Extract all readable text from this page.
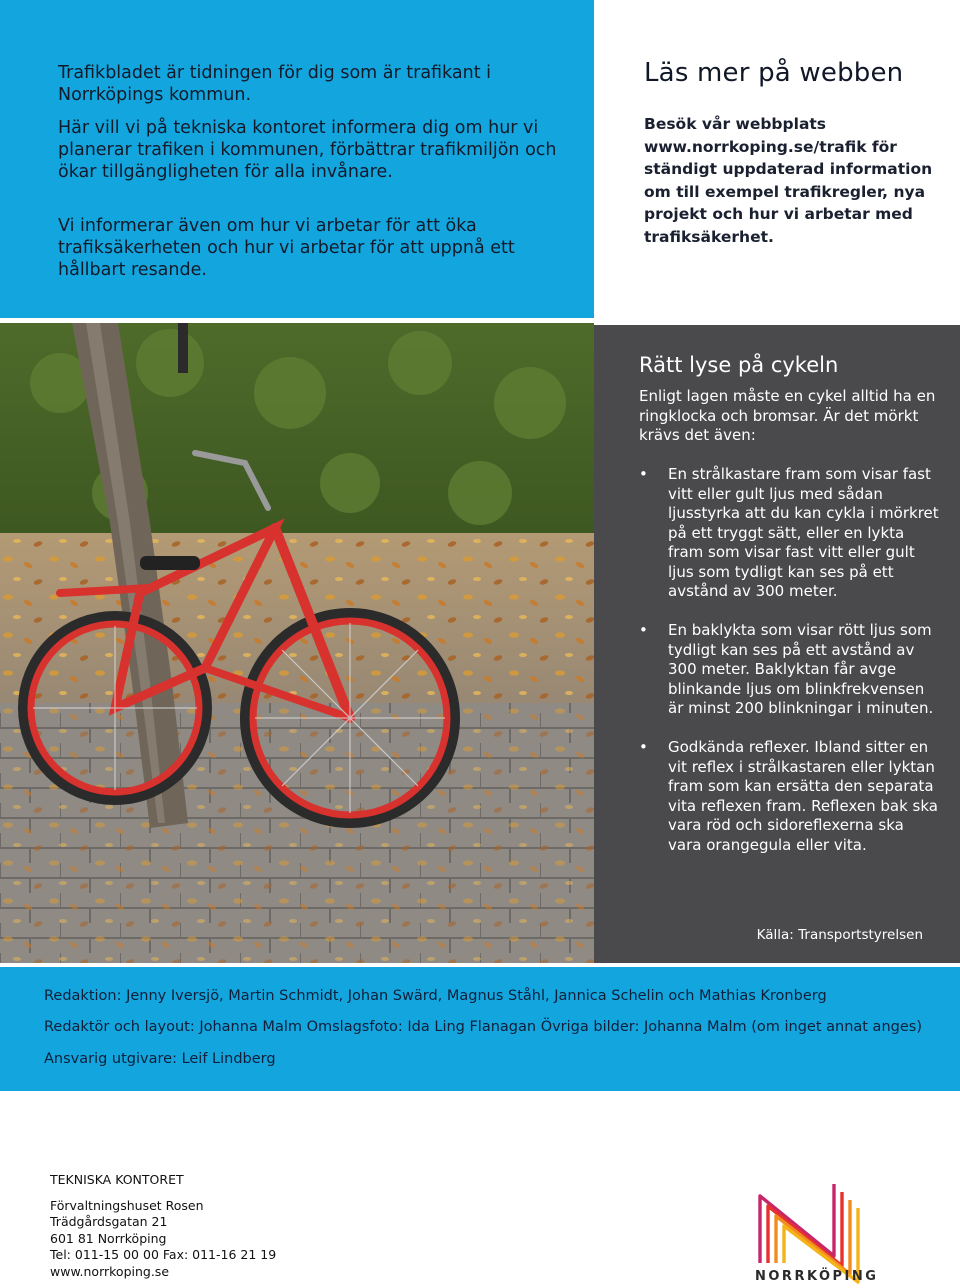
Trafikbladet är tidningen för dig som är trafikant i Norrköpings kommun.

Här vill vi på tekniska kontoret informera dig om hur vi planerar trafiken i kommunen, förbättrar trafikmiljön och ökar tillgängligheten för alla invånare.

Vi informerar även om hur vi arbetar för att öka trafiksäkerheten och hur vi arbetar för att uppnå ett hållbart resande.

Läs mer på webben

Besök vår webbplats www.norrkoping.se/trafik för ständigt uppdaterad information om till exempel trafikregler, nya projekt och hur vi arbetar med trafiksäkerhet.

Rätt lyse på cykeln

Enligt lagen måste en cykel alltid ha en ringklocka och bromsar. Är det mörkt krävs det även:

• En strålkastare fram som visar fast vitt eller gult ljus med sådan ljusstyrka att du kan cykla i mörkret på ett tryggt sätt, eller en lykta fram som visar fast vitt eller gult ljus som tydligt kan ses på ett avstånd av 300 meter.
• En baklykta som visar rött ljus som tydligt kan ses på ett avstånd av 300 meter. Baklyktan får avge blinkande ljus om blinkfrekvensen är minst 200 blinkningar i minuten.
• Godkända reflexer. Ibland sitter en vit reflex i strålkastaren eller lyktan fram som kan ersätta den separata vita reflexen fram. Reflexen bak ska vara röd och sidoreflexerna ska vara orangegula eller vita.

Källa: Transportstyrelsen

Redaktion: Jenny Iversjö, Martin Schmidt, Johan Swärd, Magnus Ståhl, Jannica Schelin och Mathias Kronberg

Redaktör och layout: Johanna Malm Omslagsfoto: Ida Ling Flanagan Övriga bilder: Johanna Malm (om inget annat anges)

Ansvarig utgivare: Leif Lindberg

TEKNISKA KONTORET
Förvaltningshuset Rosen
Trädgårdsgatan 21
601 81 Norrköping
Tel: 011-15 00 00 Fax: 011-16 21 19
www.norrkoping.se	NORRKÖPING
